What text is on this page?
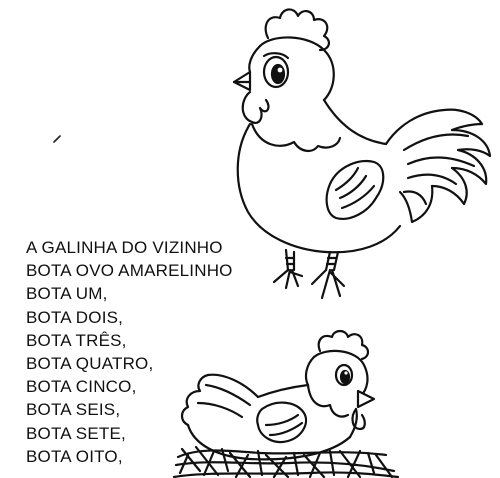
A GALINHA DO VIZINHO
BOTA OVO AMARELINHO
BOTA UM,
BOTA DOIS,
BOTA TRÊS,
BOTA QUATRO,
BOTA CINCO,
BOTA SEIS,
BOTA SETE,
BOTA OITO,
